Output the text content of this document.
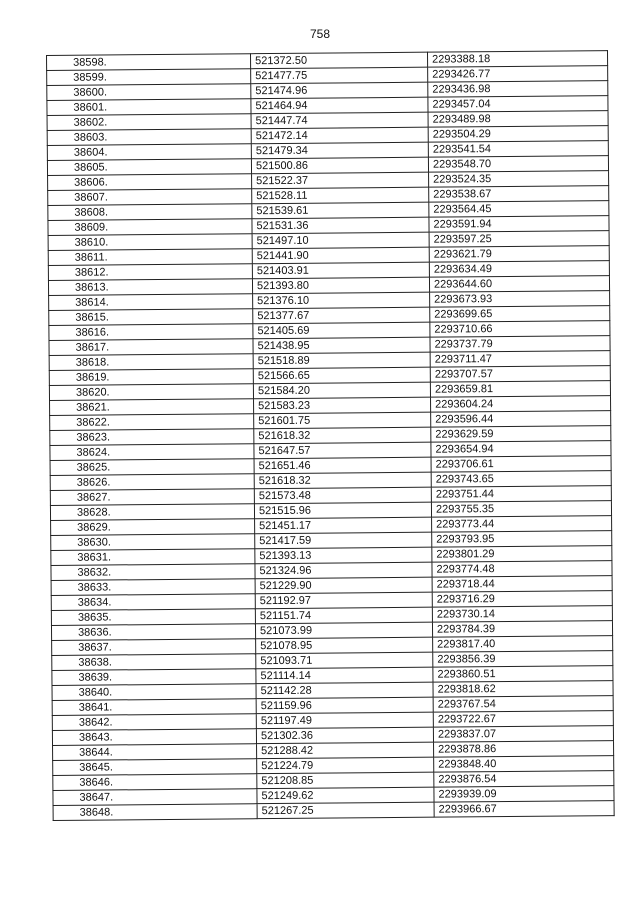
758
38598.	521372.50	2293388.18
38599.	521477.75	2293426.77
38600.	521474.96	2293436.98
38601.	521464.94	2293457.04
38602.	521447.74	2293489.98
38603.	521472.14	2293504.29
38604.	521479.34	2293541.54
38605.	521500.86	2293548.70
38606.	521522.37	2293524.35
38607.	521528.11	2293538.67
38608.	521539.61	2293564.45
38609.	521531.36	2293591.94
38610.	521497.10	2293597.25
38611.	521441.90	2293621.79
38612.	521403.91	2293634.49
38613.	521393.80	2293644.60
38614.	521376.10	2293673.93
38615.	521377.67	2293699.65
38616.	521405.69	2293710.66
38617.	521438.95	2293737.79
38618.	521518.89	2293711.47
38619.	521566.65	2293707.57
38620.	521584.20	2293659.81
38621.	521583.23	2293604.24
38622.	521601.75	2293596.44
38623.	521618.32	2293629.59
38624.	521647.57	2293654.94
38625.	521651.46	2293706.61
38626.	521618.32	2293743.65
38627.	521573.48	2293751.44
38628.	521515.96	2293755.35
38629.	521451.17	2293773.44
38630.	521417.59	2293793.95
38631.	521393.13	2293801.29
38632.	521324.96	2293774.48
38633.	521229.90	2293718.44
38634.	521192.97	2293716.29
38635.	521151.74	2293730.14
38636.	521073.99	2293784.39
38637.	521078.95	2293817.40
38638.	521093.71	2293856.39
38639.	521114.14	2293860.51
38640.	521142.28	2293818.62
38641.	521159.96	2293767.54
38642.	521197.49	2293722.67
38643.	521302.36	2293837.07
38644.	521288.42	2293878.86
38645.	521224.79	2293848.40
38646.	521208.85	2293876.54
38647.	521249.62	2293939.09
38648.	521267.25	2293966.67
